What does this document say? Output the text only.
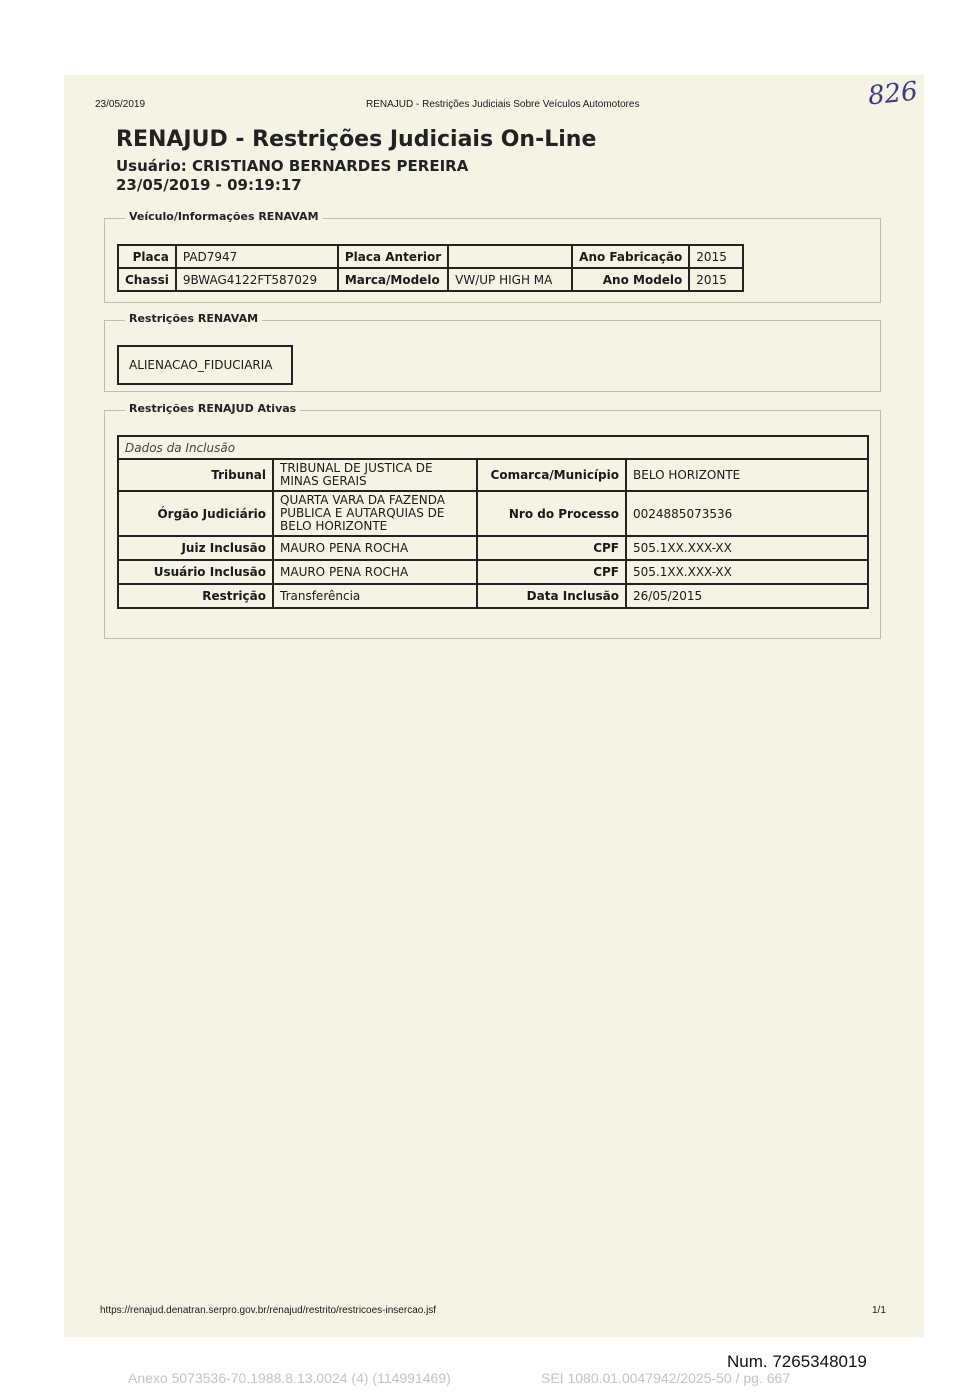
23/05/2019	RENAJUD - Restrições Judiciais Sobre Veículos Automotores	826
RENAJUD - Restrições Judiciais On-Line
Usuário: CRISTIANO BERNARDES PEREIRA
23/05/2019 - 09:19:17
Veículo/Informações RENAVAM
Placa	PAD7947	Placa Anterior		Ano Fabricação	2015
Chassi	9BWAG4122FT587029	Marca/Modelo	VW/UP HIGH MA	Ano Modelo	2015
Restrições RENAVAM
ALIENACAO_FIDUCIARIA
Restrições RENAJUD Ativas
Dados da Inclusão			
Tribunal	TRIBUNAL DE JUSTICA DE MINAS GERAIS	Comarca/Município	BELO HORIZONTE
Órgão Judiciário	QUARTA VARA DA FAZENDA PUBLICA E AUTARQUIAS DE BELO HORIZONTE	Nro do Processo	0024885073536
Juiz Inclusão	MAURO PENA ROCHA	CPF	505.1XX.XXX-XX
Usuário Inclusão	MAURO PENA ROCHA	CPF	505.1XX.XXX-XX
Restrição	Transferência	Data Inclusão	26/05/2015
https://renajud.denatran.serpro.gov.br/renajud/restrito/restricoes-insercao.jsf	1/1
Num. 7265348019
Anexo 5073536-70.1988.8.13.0024 (4) (114991469)	SEI 1080.01.0047942/2025-50 / pg. 667
